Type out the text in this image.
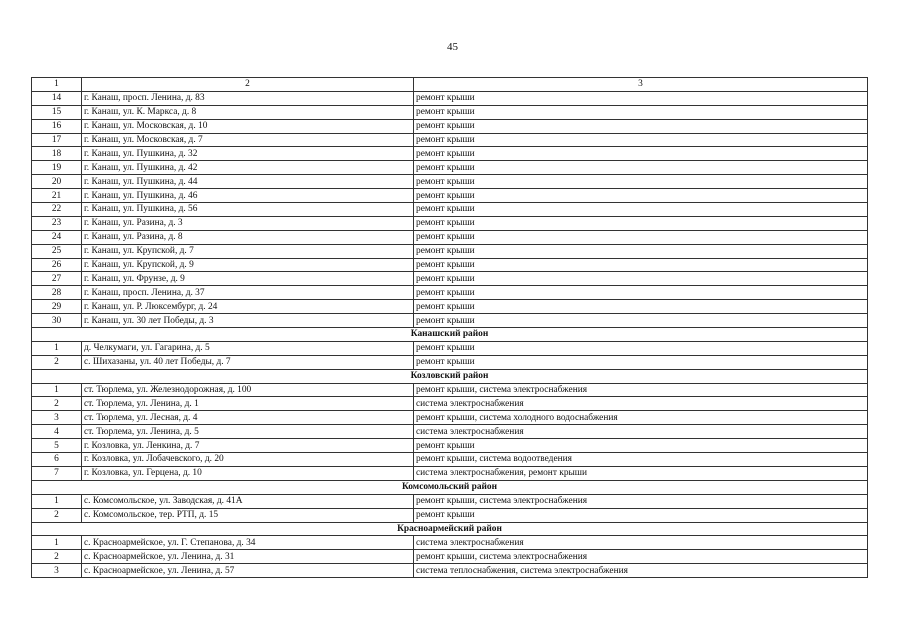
45
1	2	3
14	г. Канаш, просп. Ленина, д. 83	ремонт крыши
15	г. Канаш, ул. К. Маркса, д. 8	ремонт крыши
16	г. Канаш, ул. Московская, д. 10	ремонт крыши
17	г. Канаш, ул. Московская, д. 7	ремонт крыши
18	г. Канаш, ул. Пушкина, д. 32	ремонт крыши
19	г. Канаш, ул. Пушкина, д. 42	ремонт крыши
20	г. Канаш, ул. Пушкина, д. 44	ремонт крыши
21	г. Канаш, ул. Пушкина, д. 46	ремонт крыши
22	г. Канаш, ул. Пушкина, д. 56	ремонт крыши
23	г. Канаш, ул. Разина, д. 3	ремонт крыши
24	г. Канаш, ул. Разина, д. 8	ремонт крыши
25	г. Канаш, ул. Крупской, д. 7	ремонт крыши
26	г. Канаш, ул. Крупской, д. 9	ремонт крыши
27	г. Канаш, ул. Фрунзе, д. 9	ремонт крыши
28	г. Канаш, просп. Ленина, д. 37	ремонт крыши
29	г. Канаш, ул. Р. Люксембург, д. 24	ремонт крыши
30	г. Канаш, ул. 30 лет Победы, д. 3	ремонт крыши
Канашский район		
1	д. Челкумаги, ул. Гагарина, д. 5	ремонт крыши
2	с. Шихазаны, ул. 40 лет Победы, д. 7	ремонт крыши
Козловский район		
1	ст. Тюрлема, ул. Железнодорожная, д. 100	ремонт крыши, система электроснабжения
2	ст. Тюрлема, ул. Ленина, д. 1	система электроснабжения
3	ст. Тюрлема, ул. Лесная, д. 4	ремонт крыши, система холодного водоснабжения
4	ст. Тюрлема, ул. Ленина, д. 5	система электроснабжения
5	г. Козловка, ул. Ленкина, д. 7	ремонт крыши
6	г. Козловка, ул. Лобачевского, д. 20	ремонт крыши, система водоотведения
7	г. Козловка, ул. Герцена, д. 10	система электроснабжения, ремонт крыши
Комсомольский район		
1	с. Комсомольское, ул. Заводская, д. 41А	ремонт крыши, система электроснабжения
2	с. Комсомольское, тер. РТП, д. 15	ремонт крыши
Красноармейский район		
1	с. Красноармейское, ул. Г. Степанова, д. 34	система электроснабжения
2	с. Красноармейское, ул. Ленина, д. 31	ремонт крыши, система электроснабжения
3	с. Красноармейское, ул. Ленина, д. 57	система теплоснабжения, система электроснабжения
